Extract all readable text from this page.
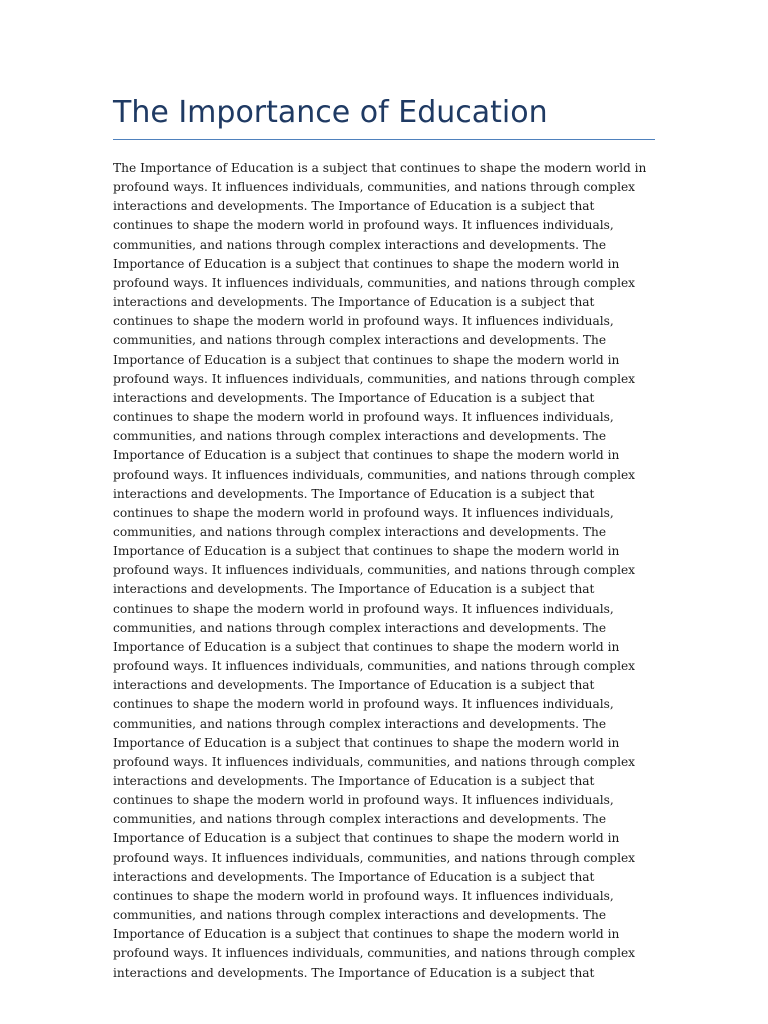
The Importance of Education

The Importance of Education is a subject that continues to shape the modern world in profound ways. It influences individuals, communities, and nations through complex interactions and developments. The Importance of Education is a subject that continues to shape the modern world in profound ways. It influences individuals, communities, and nations through complex interactions and developments. The Importance of Education is a subject that continues to shape the modern world in profound ways. It influences individuals, communities, and nations through complex interactions and developments. The Importance of Education is a subject that continues to shape the modern world in profound ways. It influences individuals, communities, and nations through complex interactions and developments. The Importance of Education is a subject that continues to shape the modern world in profound ways. It influences individuals, communities, and nations through complex interactions and developments. The Importance of Education is a subject that continues to shape the modern world in profound ways. It influences individuals, communities, and nations through complex interactions and developments. The Importance of Education is a subject that continues to shape the modern world in profound ways. It influences individuals, communities, and nations through complex interactions and developments. The Importance of Education is a subject that continues to shape the modern world in profound ways. It influences individuals, communities, and nations through complex interactions and developments. The Importance of Education is a subject that continues to shape the modern world in profound ways. It influences individuals, communities, and nations through complex interactions and developments. The Importance of Education is a subject that continues to shape the modern world in profound ways. It influences individuals, communities, and nations through complex interactions and developments. The Importance of Education is a subject that continues to shape the modern world in profound ways. It influences individuals, communities, and nations through complex interactions and developments. The Importance of Education is a subject that continues to shape the modern world in profound ways. It influences individuals, communities, and nations through complex interactions and developments. The Importance of Education is a subject that continues to shape the modern world in profound ways. It influences individuals, communities, and nations through complex interactions and developments. The Importance of Education is a subject that continues to shape the modern world in profound ways. It influences individuals, communities, and nations through complex interactions and developments. The Importance of Education is a subject that continues to shape the modern world in profound ways. It influences individuals, communities, and nations through complex interactions and developments. The Importance of Education is a subject that continues to shape the modern world in profound ways. It influences individuals, communities, and nations through complex interactions and developments. The Importance of Education is a subject that continues to shape the modern world in profound ways. It influences individuals, communities, and nations through complex interactions and developments. The Importance of Education is a subject that
